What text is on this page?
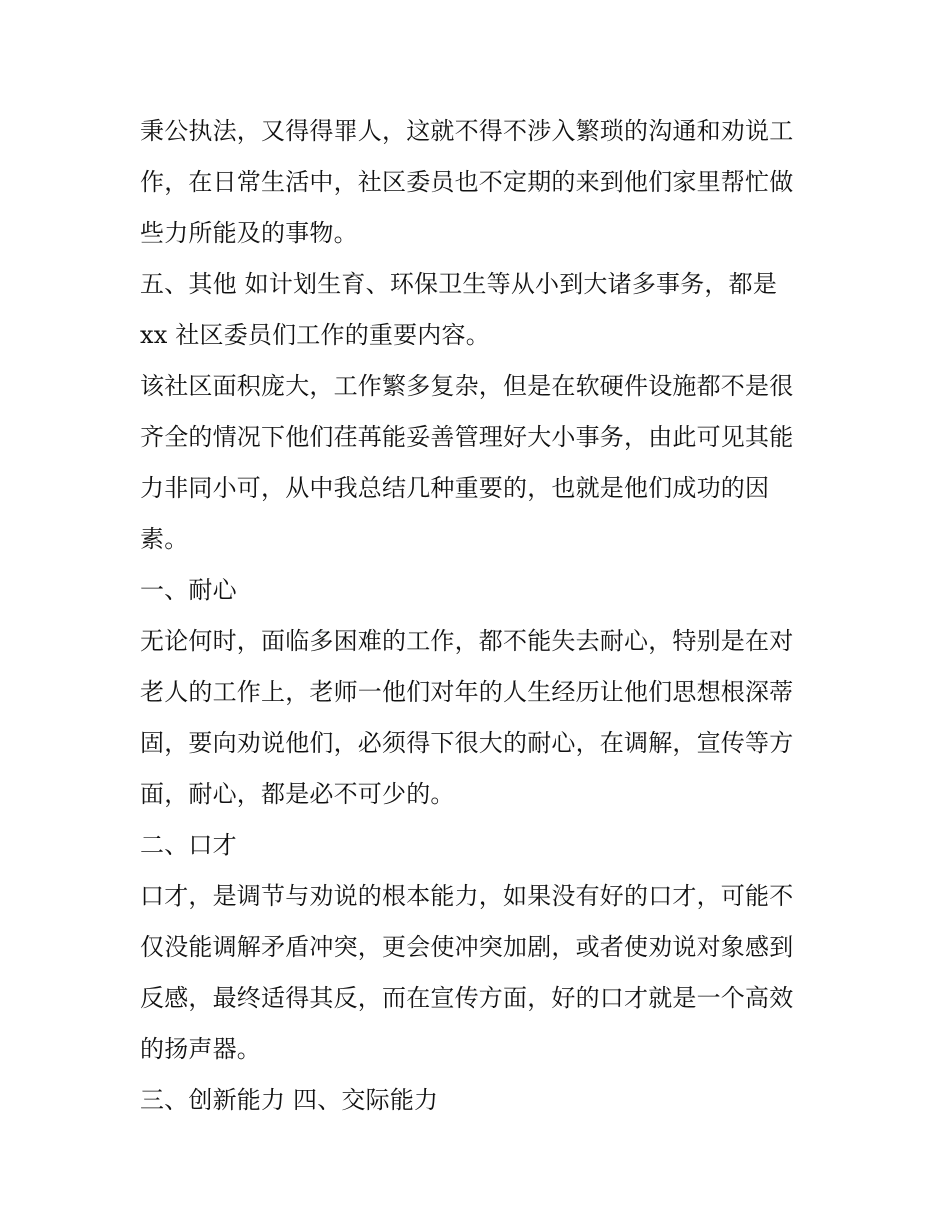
秉公执法，又得得罪人，这就不得不涉入繁琐的沟通和劝说工
作，在日常生活中，社区委员也不定期的来到他们家里帮忙做
些力所能及的事物。

五、其他 如计划生育、环保卫生等从小到大诸多事务，都是
xx 社区委员们工作的重要内容。

该社区面积庞大，工作繁多复杂，但是在软硬件设施都不是很
齐全的情况下他们荏苒能妥善管理好大小事务，由此可见其能
力非同小可，从中我总结几种重要的，也就是他们成功的因
素。

一、耐心

无论何时，面临多困难的工作，都不能失去耐心，特别是在对
老人的工作上，老师一他们对年的人生经历让他们思想根深蒂
固，要向劝说他们，必须得下很大的耐心，在调解，宣传等方
面，耐心，都是必不可少的。

二、口才

口才，是调节与劝说的根本能力，如果没有好的口才，可能不
仅没能调解矛盾冲突，更会使冲突加剧，或者使劝说对象感到
反感，最终适得其反，而在宣传方面，好的口才就是一个高效
的扬声器。

三、创新能力 四、交际能力
